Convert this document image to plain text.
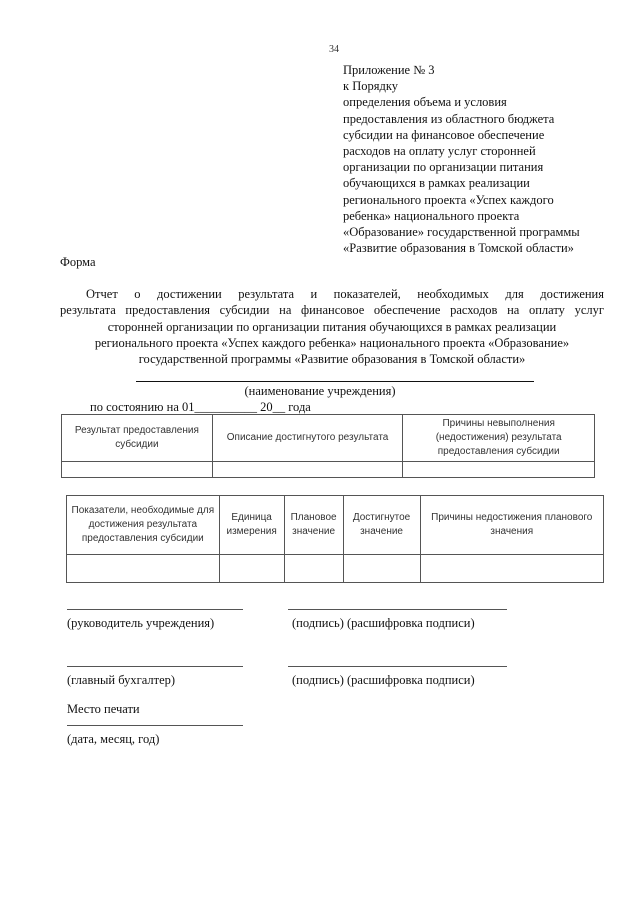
34
Приложение № 3
к Порядку
определения объема и условия
предоставления из областного бюджета
субсидии на финансовое обеспечение
расходов на оплату услуг сторонней
организации по организации питания
обучающихся в рамках реализации
регионального проекта «Успех каждого
ребенка» национального проекта
«Образование» государственной программы
«Развитие образования в Томской области»
Форма
Отчет о достижении результата и показателей, необходимых для достижения
результата предоставления субсидии на финансовое обеспечение расходов на оплату услуг
сторонней организации по организации питания обучающихся в рамках реализации
регионального проекта «Успех каждого ребенка» национального проекта «Образование»
государственной программы «Развитие образования в Томской области»
(наименование учреждения)
по состоянию на 01__________ 20__ года
Результат предоставления субсидии	Описание достигнутого результата	Причины невыполнения (недостижения) результата предоставления субсидии

Показатели, необходимые для достижения результата предоставления субсидии	Единица измерения	Плановое значение	Достигнутое значение	Причины недостижения планового значения

(руководитель учреждения)	(подпись) (расшифровка подписи)
(главный бухгалтер)	(подпись) (расшифровка подписи)
Место печати
(дата, месяц, год)
